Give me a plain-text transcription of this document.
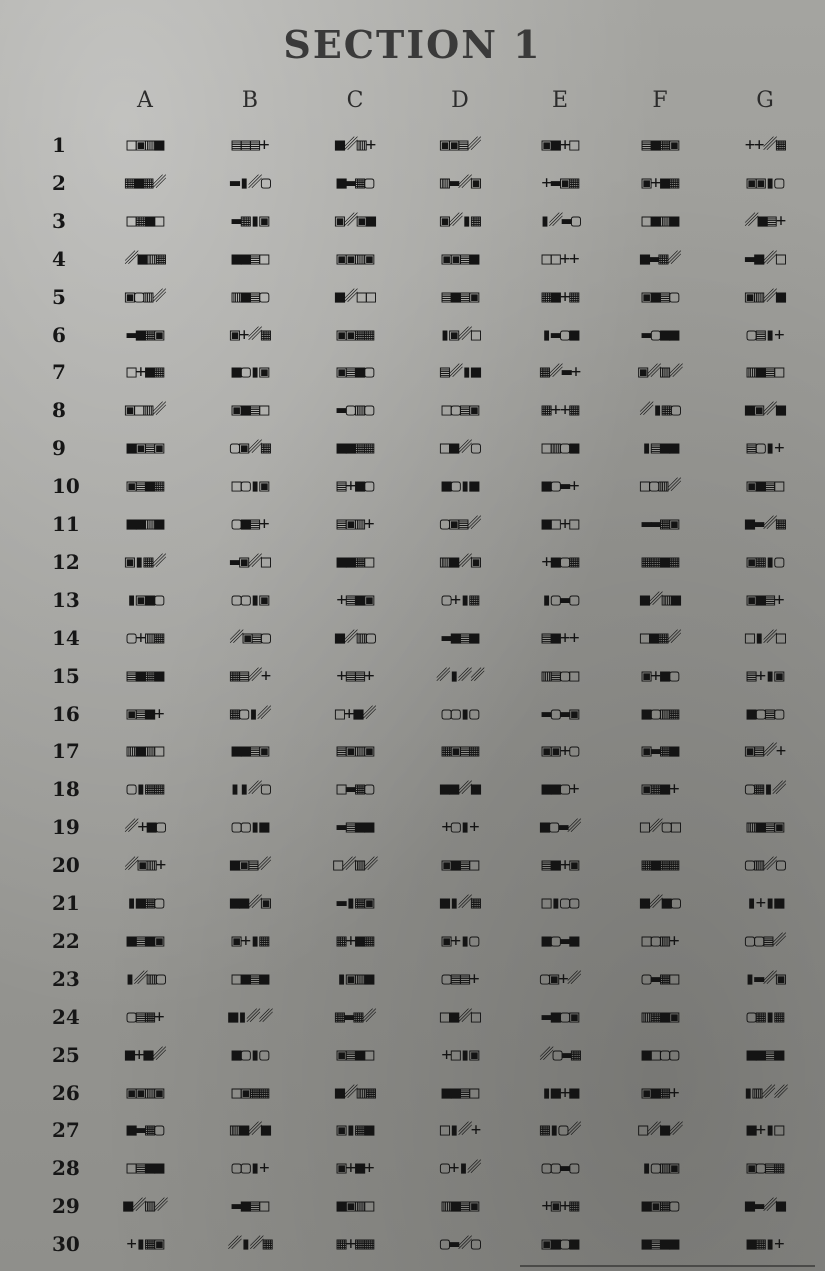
SECTION 1
A	B	C	D	E	F	G
1	□▣▥■	▤▤▤+	■␥▥+	▣▣▤␥	▣■+□	▤■▦▣	++␥▦
2	▦■▦␥	▬▮␥▢	■▬▦▢	▥▬␥▣	+▬▣▦	▣+■▦	▣▣▮▢
3	□▦■□	▬▦▮▣	▣␥▣■	▣␥▮▦	▮␥▬▢	□■▥■	␥■▤+
4	␥■▥▦	■■▤□	▣▣▥▣	▣▣▤■	□□++	■▬▦␥	▬■␥□
5	▣▢▥␥	▥■▤▢	■␥□□	▤■▤▣	▦■+▦	▣■▤▢	▣▥␥■
6	▬■▦▣	▣+␥▦	▣▣▦▦	▮▣␥□	▮▬▢■	▬▢■■	▢▤▮+
7	□+■▦	■▢▮▣	▣▤■▢	▤␥▮■	▦␥▬+	▣␥▥␥	▥■▤□
8	▣□▥␥	▣■▤□	▬▢▥▢	□▢▤▣	▦++▦	␥▮▦▢	■▣␥■
9	■▣▤▣	▢▣␥▦	■■▦▦	□■␥▢	□▥▢■	▮▤■■	▤▢▮+
10	▣▤■▦	□▢▮▣	▤+■▢	■▢▮■	■▢▬+	□▢▥␥	▣■▤□
11	■■▥■	▢■▤+	▤▣▥+	▢▣▤␥	■□+□	▬▬▦▣	■▬␥▦
12	▣▮▦␥	▬▣␥□	■■▦□	▥■␥▣	+■▢▦	▦▦■▦	▣▦▮▢
13	▮▣■▢	▢▢▮▣	+▤■▣	▢+▮▦	▮▢▬▢	■␥▥■	▣■▤+
14	▢+▥▦	␥▣▤▢	■␥▥▢	▬■▤■	▤■++	□■▦␥	□▮␥□
15	▤■▦■	▦▤␥+	+▤▤+	␥▮␥␥	▥▤▢□	▣+■▢	▤+▮▣
16	▣▤■+	▦▢▮␥	□+■␥	▢▢▮▢	▬▢▬▣	■▢▥▦	■▢▤▢
17	▥■▥□	■■▤▣	▤▣▥▣	▦▣▤▦	▣▣+▢	▣▬▦■	▣▤␥+
18	▢▮▦▦	▮▮␥▢	□▬▦▢	■■␥■	■■▢+	▣▦■+	▢▦▮␥
19	␥+■▢	▢▢▮■	▬▤■■	+▢▮+	■▢▬␥	□␥▢□	▥■▤▣
20	␥▣▥+	■▣▤␥	□␥▥␥	▣■▤□	▤■+▣	▦■▦▦	▢▥␥▢
21	▮■▦▢	■■␥▣	▬▮▦▣	■▮␥▦	□▮▢▢	■␥■▢	▮+▮■
22	■▤■▣	▣+▮▦	▦+■▦	▣+▮▢	■▢▬■	□▢▥+	▢▢▤␥
23	▮␥▥▢	□■▤■	▮▣▥■	▢▤▤+	▢▣+␥	▢▬▦□	▮▬␥▣
24	▢▤▦+	■▮␥␥	▦▬▦␥	□■␥□	▬■▢▣	▥▦■▣	▢▦▮▦
25	■+■␥	■▢▮▢	▣▤■□	+□▮▣	␥▢▬▦	■□▢▢	■■▤■
26	▣▣▥▣	□▣▦▦	■␥▥▦	■■▤□	▮■+■	▣■▦+	▮▥␥␥
27	■▬▦▢	▥■␥■	▣▮▦■	□▮␥+	▦▮▢␥	□␥■␥	■+▮□
28	□▤■■	▢▢▮+	▣+■+	▢+▮␥	▢▢▬▢	▮▢▥▣	▣▢▤▦
29	■␥▥␥	▬■▤□	■▣▥□	▥■▤▣	+▣+▦	■▣▦▢	■▬␥■
30	+▮▦▣	␥▮␥▦	▦+▦▦	▢▬␥▢	▣■▢■	■▤■■	■▦▮+
